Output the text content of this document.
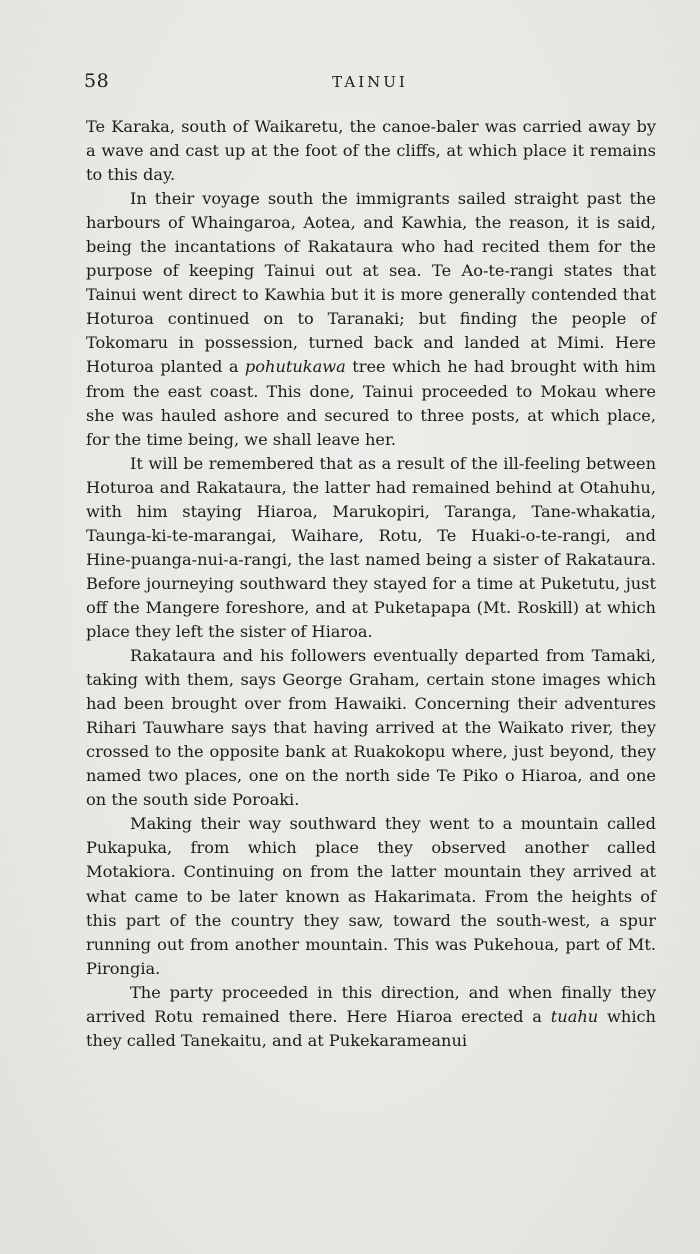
58	TAINUI

Te Karaka, south of Waikaretu, the canoe-baler was carried away by a wave and cast up at the foot of the cliffs, at which place it remains to this day.

In their voyage south the immigrants sailed straight past the harbours of Whaingaroa, Aotea, and Kawhia, the reason, it is said, being the incantations of Rakataura who had recited them for the purpose of keeping Tainui out at sea. Te Ao-te-rangi states that Tainui went direct to Kawhia but it is more generally contended that Hoturoa continued on to Taranaki; but finding the people of Tokomaru in possession, turned back and landed at Mimi. Here Hoturoa planted a pohutukawa tree which he had brought with him from the east coast. This done, Tainui proceeded to Mokau where she was hauled ashore and secured to three posts, at which place, for the time being, we shall leave her.

It will be remembered that as a result of the ill-feeling between Hoturoa and Rakataura, the latter had remained behind at Otahuhu, with him staying Hiaroa, Marukopiri, Taranga, Tane-whakatia, Taunga-ki-te-marangai, Waihare, Rotu, Te Huaki-o-te-rangi, and Hine-puanga-nui-a-rangi, the last named being a sister of Rakataura. Before journeying southward they stayed for a time at Puketutu, just off the Mangere foreshore, and at Puketapapa (Mt. Roskill) at which place they left the sister of Hiaroa.

Rakataura and his followers eventually departed from Tamaki, taking with them, says George Graham, certain stone images which had been brought over from Hawaiki. Concerning their adventures Rihari Tauwhare says that having arrived at the Waikato river, they crossed to the opposite bank at Ruakokopu where, just beyond, they named two places, one on the north side Te Piko o Hiaroa, and one on the south side Poroaki.

Making their way southward they went to a mountain called Pukapuka, from which place they observed another called Motakiora. Continuing on from the latter mountain they arrived at what came to be later known as Hakarimata. From the heights of this part of the country they saw, toward the south-west, a spur running out from another mountain. This was Pukehoua, part of Mt. Pirongia.

The party proceeded in this direction, and when finally they arrived Rotu remained there. Here Hiaroa erected a tuahu which they called Tanekaitu, and at Pukekarameanui
